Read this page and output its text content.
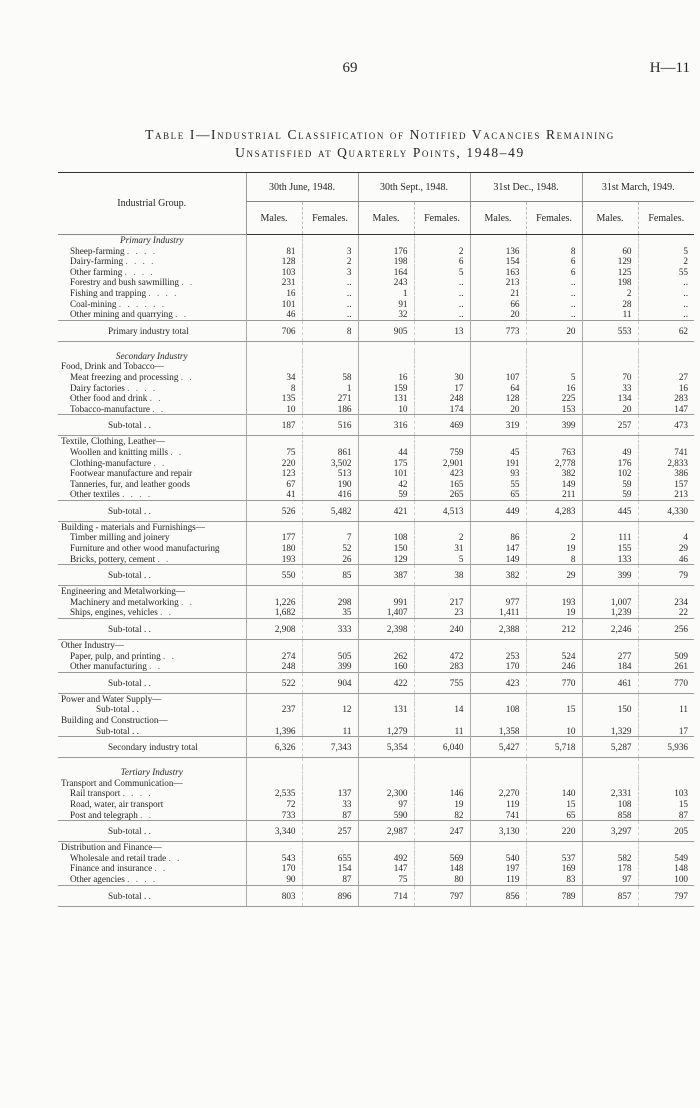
69	H—11
Table I—Industrial Classification of Notified Vacancies Remaining
Unsatisfied at Quarterly Points, 1948–49
Industrial Group.	30th June, 1948.		30th Sept., 1948.		31st Dec., 1948.		31st March, 1949.	
	Males.	Females.	Males.	Females.	Males.	Females.	Males.	Females.
Primary Industry								
Sheep-farming . . . .	81	3	176	2	136	8	60	5
Dairy-farming . . . .	128	2	198	6	154	6	129	2
Other farming . . . .	103	3	164	5	163	6	125	55
Forestry and bush sawmilling . .	231	..	243	..	213	..	198	..
Fishing and trapping . . . .	16	..	1	..	21	..	2	..
Coal-mining . . . . . .	101	..	91	..	66	..	28	..
Other mining and quarrying . .	46	..	32	..	20	..	11	..
Primary industry total	706	8	905	13	773	20	553	62

Secondary Industry								
Food, Drink and Tobacco—								
Meat freezing and processing . .	34	58	16	30	107	5	70	27
Dairy factories . . . .	8	1	159	17	64	16	33	16
Other food and drink . .	135	271	131	248	128	225	134	283
Tobacco-manufacture . .	10	186	10	174	20	153	20	147
Sub-total . .	187	516	316	469	319	399	257	473
Textile, Clothing, Leather—								
Woollen and knitting mills . .	75	861	44	759	45	763	49	741
Clothing-manufacture . .	220	3,502	175	2,901	191	2,778	176	2,833
Footwear manufacture and repair	123	513	101	423	93	382	102	386
Tanneries, fur, and leather goods	67	190	42	165	55	149	59	157
Other textiles . . . .	41	416	59	265	65	211	59	213
Sub-total . .	526	5,482	421	4,513	449	4,283	445	4,330
Building - materials and Furnishings—								
Timber milling and joinery	177	7	108	2	86	2	111	4
Furniture and other wood manufacturing	180	52	150	31	147	19	155	29
Bricks, pottery, cement . .	193	26	129	5	149	8	133	46
Sub-total . .	550	85	387	38	382	29	399	79
Engineering and Metalworking—								
Machinery and metalworking . .	1,226	298	991	217	977	193	1,007	234
Ships, engines, vehicles . .	1,682	35	1,407	23	1,411	19	1,239	22
Sub-total . .	2,908	333	2,398	240	2,388	212	2,246	256
Other Industry—								
Paper, pulp, and printing . .	274	505	262	472	253	524	277	509
Other manufacturing . .	248	399	160	283	170	246	184	261
Sub-total . .	522	904	422	755	423	770	461	770
Power and Water Supply—								
Sub-total . .	237	12	131	14	108	15	150	11
Building and Construction—								
Sub-total . .	1,396	11	1,279	11	1,358	10	1,329	17
Secondary industry total	6,326	7,343	5,354	6,040	5,427	5,718	5,287	5,936

Tertiary Industry								
Transport and Communication—								
Rail transport . . . .	2,535	137	2,300	146	2,270	140	2,331	103
Road, water, air transport	72	33	97	19	119	15	108	15
Post and telegraph . .	733	87	590	82	741	65	858	87
Sub-total . .	3,340	257	2,987	247	3,130	220	3,297	205
Distribution and Finance—								
Wholesale and retail trade . .	543	655	492	569	540	537	582	549
Finance and insurance . .	170	154	147	148	197	169	178	148
Other agencies . . . .	90	87	75	80	119	83	97	100
Sub-total . .	803	896	714	797	856	789	857	797
